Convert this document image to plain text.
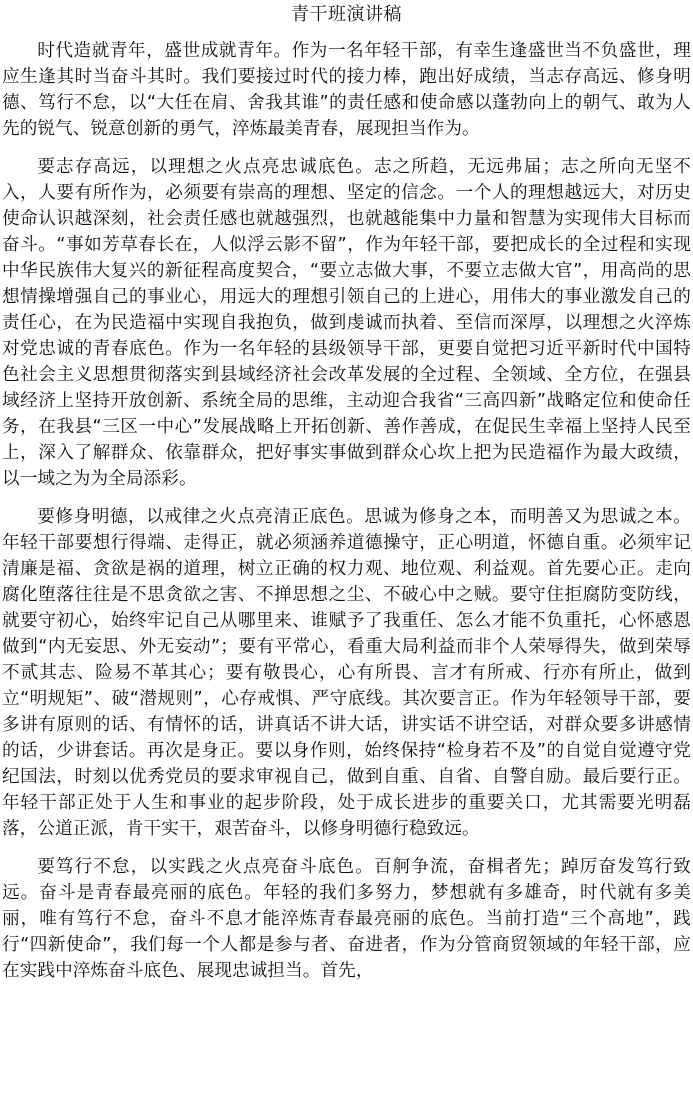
青干班演讲稿

时代造就青年，盛世成就青年。作为一名年轻干部，有幸生逢盛世当不负盛世，理应生逢其时当奋斗其时。我们要接过时代的接力棒，跑出好成绩，当志存高远、修身明德、笃行不怠，以“大任在肩、舍我其谁”的责任感和使命感以蓬勃向上的朝气、敢为人先的锐气、锐意创新的勇气，淬炼最美青春，展现担当作为。

要志存高远，以理想之火点亮忠诚底色。志之所趋，无远弗届；志之所向无坚不入，人要有所作为，必须要有崇高的理想、坚定的信念。一个人的理想越远大，对历史使命认识越深刻，社会责任感也就越强烈，也就越能集中力量和智慧为实现伟大目标而奋斗。“事如芳草春长在，人似浮云影不留”，作为年轻干部，要把成长的全过程和实现中华民族伟大复兴的新征程高度契合，“要立志做大事，不要立志做大官”，用高尚的思想情操增强自己的事业心，用远大的理想引领自己的上进心，用伟大的事业激发自己的责任心，在为民造福中实现自我抱负，做到虔诚而执着、至信而深厚，以理想之火淬炼对党忠诚的青春底色。作为一名年轻的县级领导干部，更要自觉把习近平新时代中国特色社会主义思想贯彻落实到县域经济社会改革发展的全过程、全领域、全方位，在强县域经济上坚持开放创新、系统全局的思维，主动迎合我省“三高四新”战略定位和使命任务，在我县“三区一中心”发展战略上开拓创新、善作善成，在促民生幸福上坚持人民至上，深入了解群众、依靠群众，把好事实事做到群众心坎上把为民造福作为最大政绩，以一域之为为全局添彩。

要修身明德，以戒律之火点亮清正底色。思诚为修身之本，而明善又为思诚之本。年轻干部要想行得端、走得正，就必须涵养道德操守，正心明道，怀德自重。必须牢记清廉是福、贪欲是祸的道理，树立正确的权力观、地位观、利益观。首先要心正。走向腐化堕落往往是不思贪欲之害、不掸思想之尘、不破心中之贼。要守住拒腐防变防线，就要守初心，始终牢记自己从哪里来、谁赋予了我重任、怎么才能不负重托，心怀感恩做到“内无妄思、外无妄动”；要有平常心，看重大局利益而非个人荣辱得失，做到荣辱不贰其志、险易不革其心；要有敬畏心，心有所畏、言才有所戒、行亦有所止，做到立“明规矩”、破“潜规则”，心存戒惧、严守底线。其次要言正。作为年轻领导干部，要多讲有原则的话、有情怀的话，讲真话不讲大话，讲实话不讲空话，对群众要多讲感情的话，少讲套话。再次是身正。要以身作则，始终保持“检身若不及”的自觉自觉遵守党纪国法，时刻以优秀党员的要求审视自己，做到自重、自省、自警自励。最后要行正。年轻干部正处于人生和事业的起步阶段，处于成长进步的重要关口，尤其需要光明磊落，公道正派，肯干实干，艰苦奋斗，以修身明德行稳致远。

要笃行不怠，以实践之火点亮奋斗底色。百舸争流，奋楫者先；踔厉奋发笃行致远。奋斗是青春最亮丽的底色。年轻的我们多努力，梦想就有多雄奇，时代就有多美丽，唯有笃行不怠，奋斗不息才能淬炼青春最亮丽的底色。当前打造“三个高地”，践行“四新使命”，我们每一个人都是参与者、奋进者，作为分管商贸领域的年轻干部，应在实践中淬炼奋斗底色、展现忠诚担当。首先，
